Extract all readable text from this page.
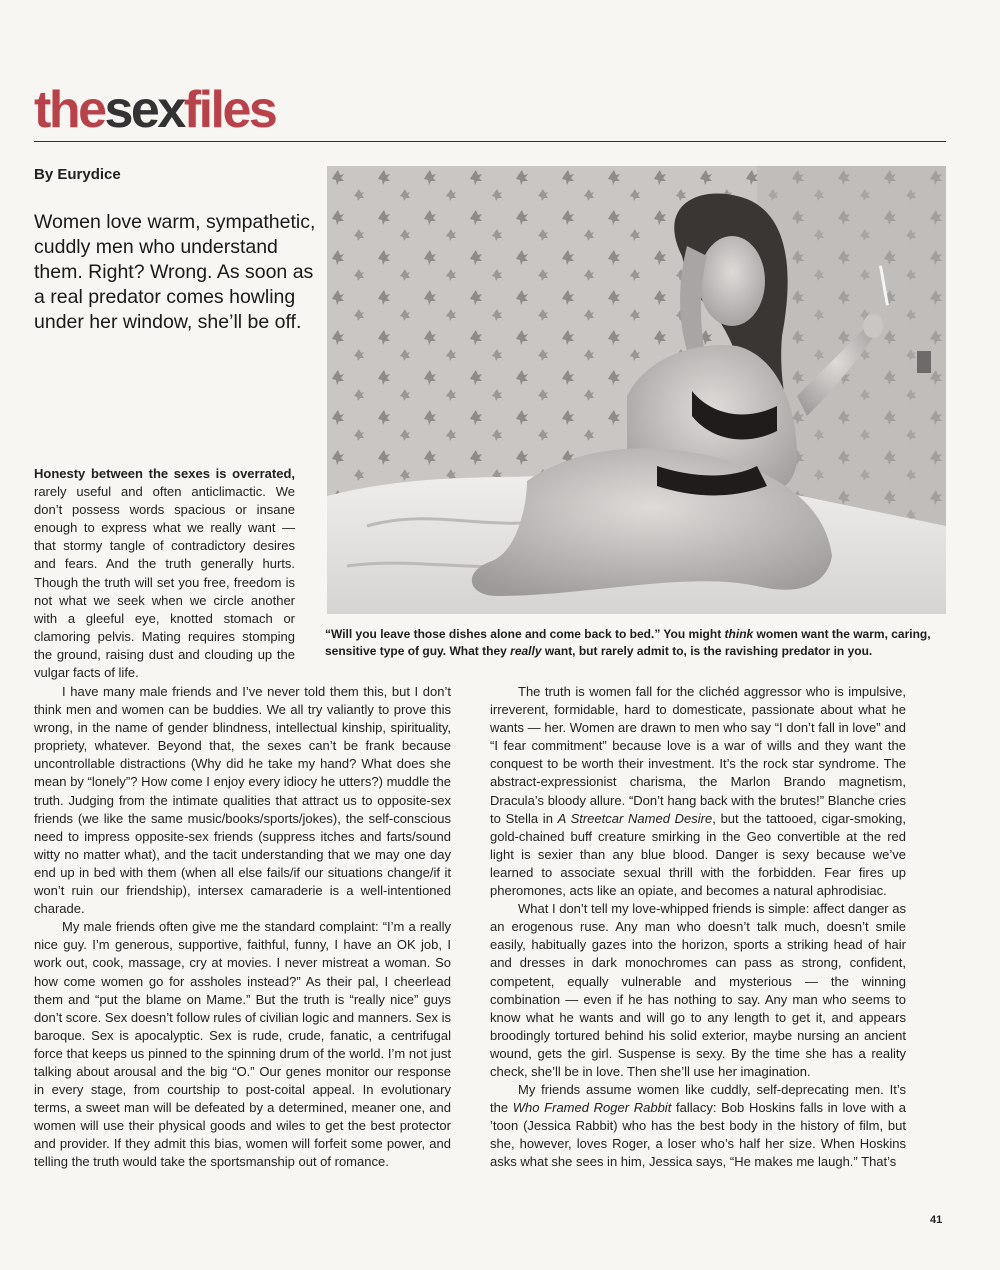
thesexfiles
By Eurydice
Women love warm, sympathetic, cuddly men who understand them. Right? Wrong. As soon as a real predator comes howling under her window, she’ll be off.
“Will you leave those dishes alone and come back to bed.” You might think women want the warm, caring, sensitive type of guy. What they really want, but rarely admit to, is the ravishing predator in you.

Honesty between the sexes is overrated, rarely useful and often anticlimactic. We don’t possess words spacious or insane enough to express what we really want — that stormy tangle of contradictory desires and fears. And the truth generally hurts. Though the truth will set you free, freedom is not what we seek when we circle another with a gleeful eye, knotted stomach or clamoring pelvis. Mating requires stomping the ground, raising dust and clouding up the vulgar facts of life.

I have many male friends and I’ve never told them this, but I don’t think men and women can be buddies. We all try valiantly to prove this wrong, in the name of gender blindness, intellectual kinship, spirituality, propriety, whatever. Beyond that, the sexes can’t be frank because uncontrollable distractions (Why did he take my hand? What does she mean by “lonely”? How come I enjoy every idiocy he utters?) muddle the truth. Judging from the intimate qualities that attract us to opposite-sex friends (we like the same music/books/sports/jokes), the self-conscious need to impress opposite-sex friends (suppress itches and farts/sound witty no matter what), and the tacit understanding that we may one day end up in bed with them (when all else fails/if our situations change/if it won’t ruin our friendship), intersex camaraderie is a well-intentioned charade.

My male friends often give me the standard complaint: “I’m a really nice guy. I’m generous, supportive, faithful, funny, I have an OK job, I work out, cook, massage, cry at movies. I never mistreat a woman. So how come women go for assholes instead?” As their pal, I cheerlead them and “put the blame on Mame.” But the truth is “really nice” guys don’t score. Sex doesn’t follow rules of civilian logic and manners. Sex is baroque. Sex is apocalyptic. Sex is rude, crude, fanatic, a centrifugal force that keeps us pinned to the spinning drum of the world. I’m not just talking about arousal and the big “O.” Our genes monitor our response in every stage, from courtship to post-coital appeal. In evolutionary terms, a sweet man will be defeated by a determined, meaner one, and women will use their physical goods and wiles to get the best protector and provider. If they admit this bias, women will forfeit some power, and telling the truth would take the sportsmanship out of romance.

The truth is women fall for the clichéd aggressor who is impulsive, irreverent, formidable, hard to domesticate, passionate about what he wants — her. Women are drawn to men who say “I don’t fall in love” and “I fear commitment” because love is a war of wills and they want the conquest to be worth their investment. It’s the rock star syndrome. The abstract-expressionist charisma, the Marlon Brando magnetism, Dracula’s bloody allure. “Don’t hang back with the brutes!” Blanche cries to Stella in A Streetcar Named Desire, but the tattooed, cigar-smoking, gold-chained buff creature smirking in the Geo convertible at the red light is sexier than any blue blood. Danger is sexy because we’ve learned to associate sexual thrill with the forbidden. Fear fires up pheromones, acts like an opiate, and becomes a natural aphrodisiac.

What I don’t tell my love-whipped friends is simple: affect danger as an erogenous ruse. Any man who doesn’t talk much, doesn’t smile easily, habitually gazes into the horizon, sports a striking head of hair and dresses in dark monochromes can pass as strong, confident, competent, equally vulnerable and mysterious — the winning combination — even if he has nothing to say. Any man who seems to know what he wants and will go to any length to get it, and appears broodingly tortured behind his solid exterior, maybe nursing an ancient wound, gets the girl. Suspense is sexy. By the time she has a reality check, she’ll be in love. Then she’ll use her imagination.

My friends assume women like cuddly, self-deprecating men. It’s the Who Framed Roger Rabbit fallacy: Bob Hoskins falls in love with a ’toon (Jessica Rabbit) who has the best body in the history of film, but she, however, loves Roger, a loser who’s half her size. When Hoskins asks what she sees in him, Jessica says, “He makes me laugh.” That’s

41
